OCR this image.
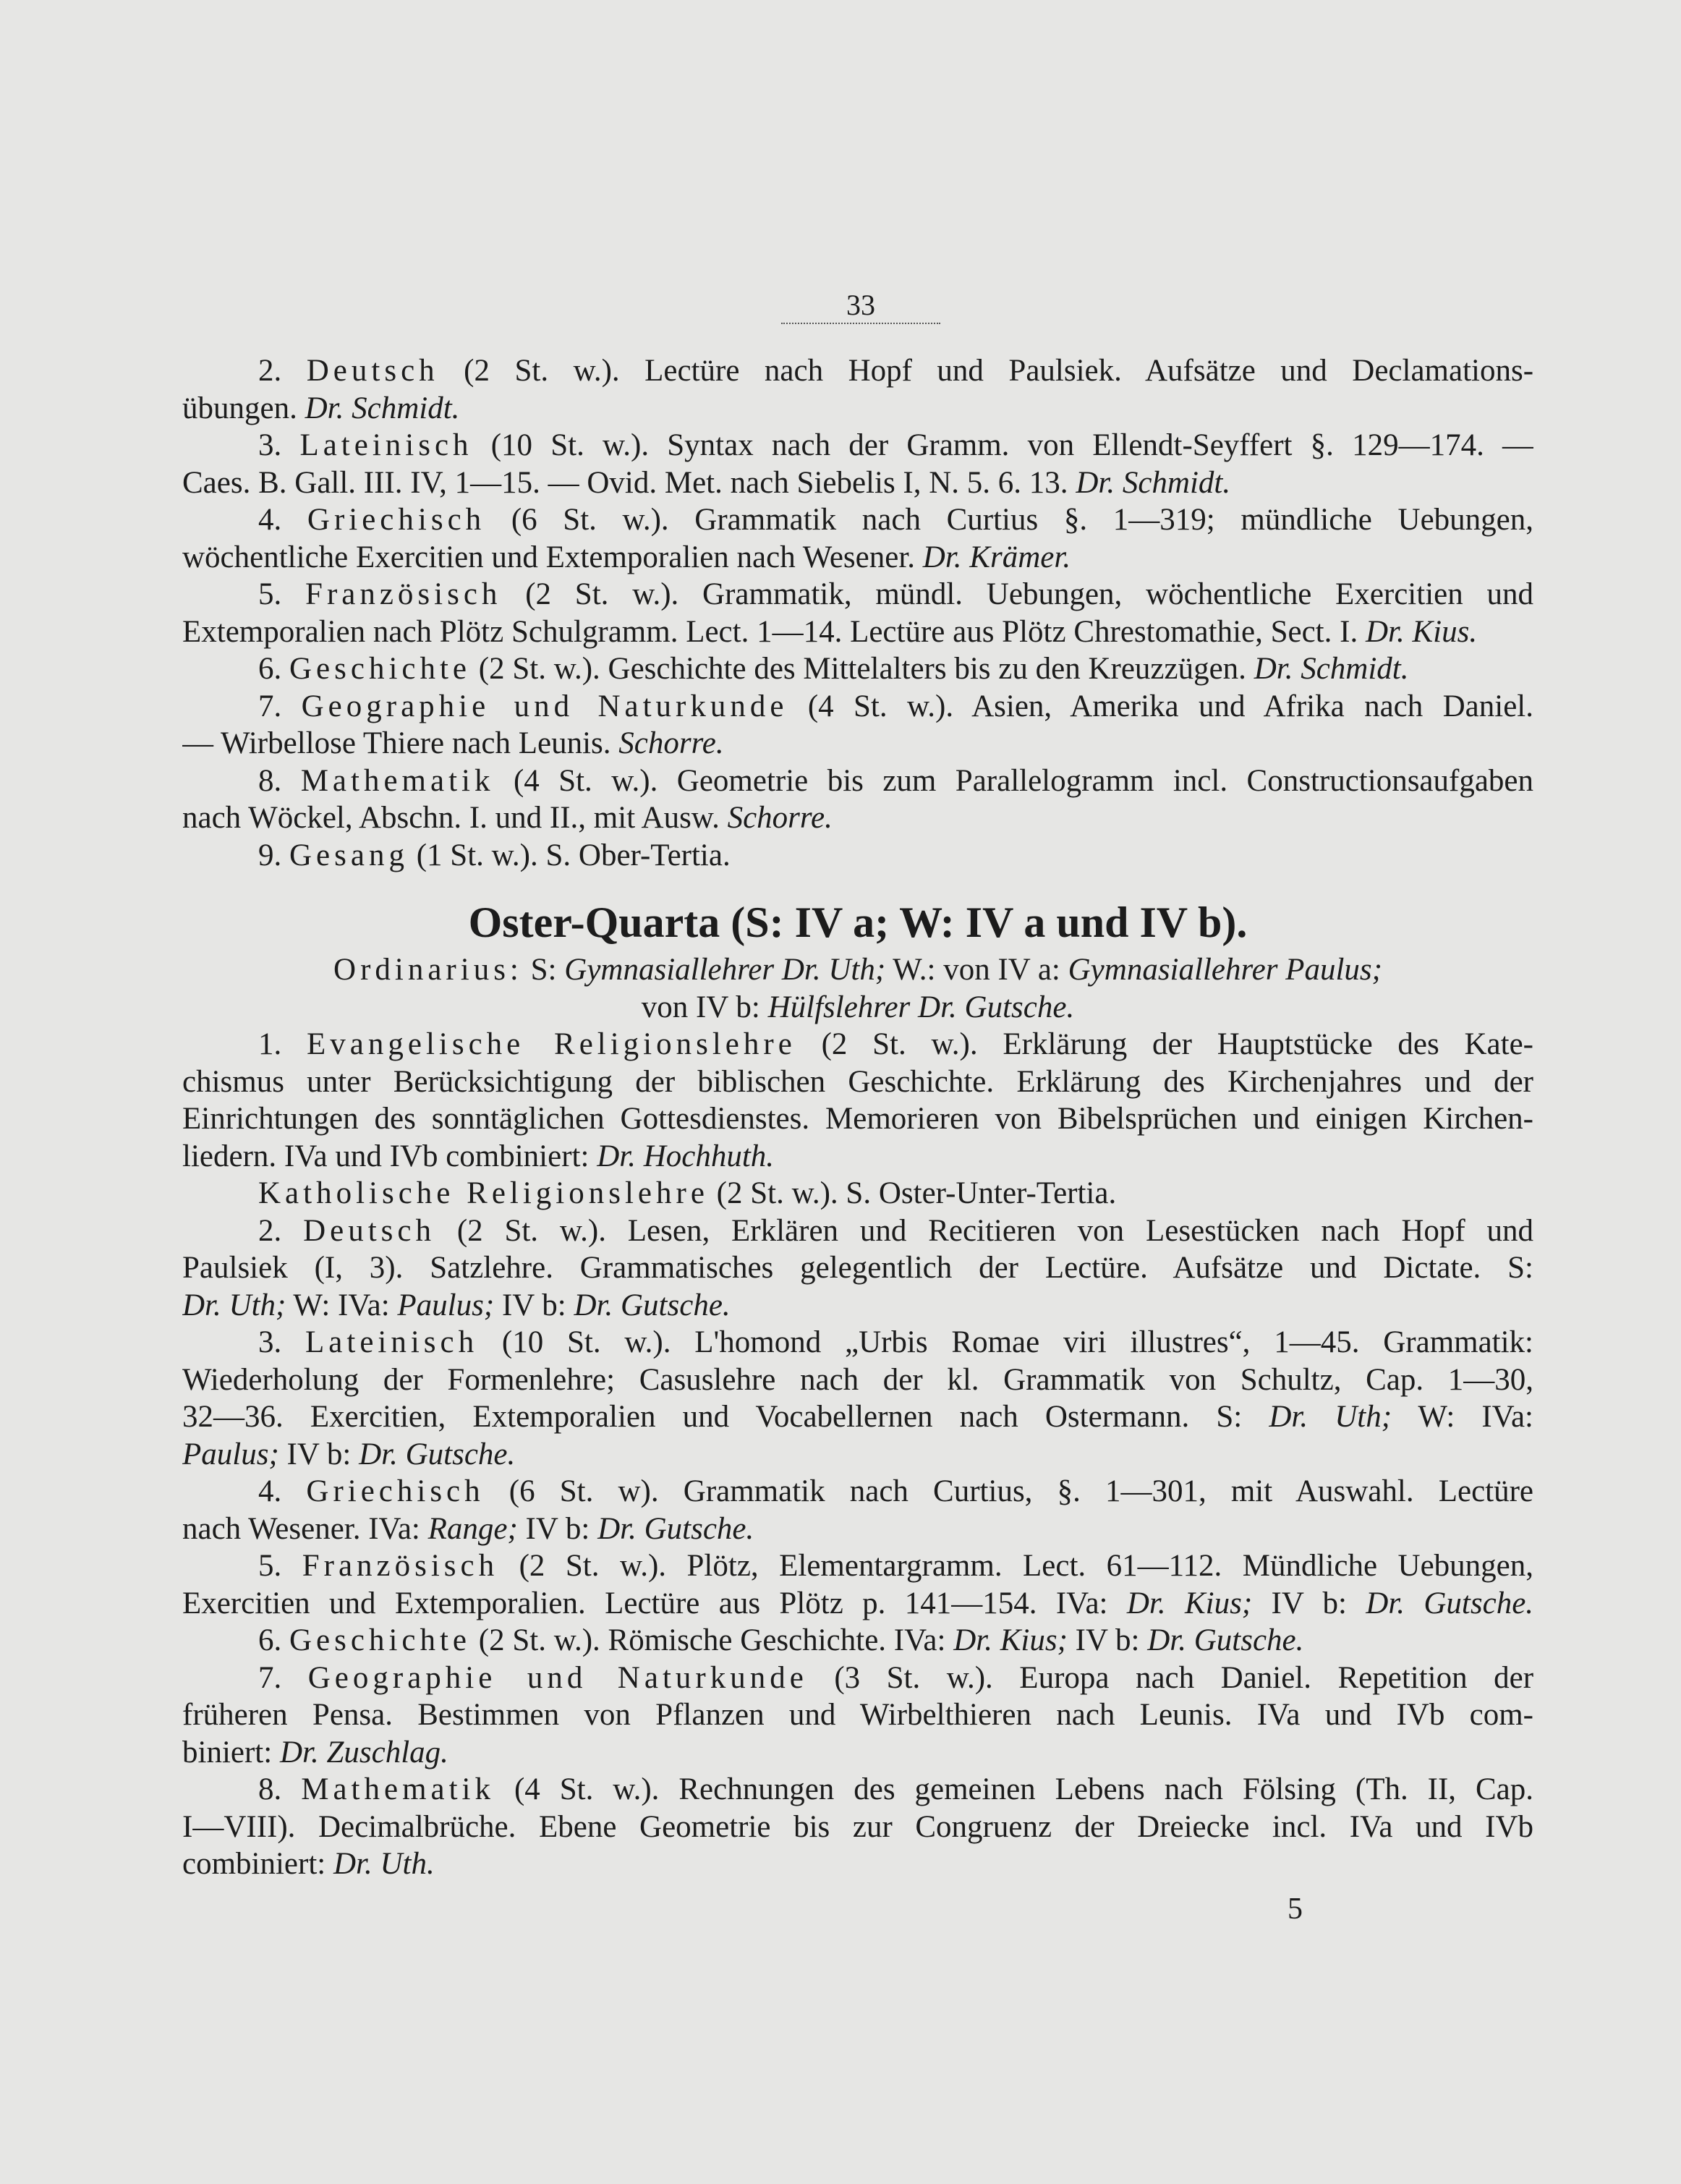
33
2. Deutsch (2 St. w.). Lectüre nach Hopf und Paulsiek. Aufsätze und Declamations-
übungen. Dr. Schmidt.
3. Lateinisch (10 St. w.). Syntax nach der Gramm. von Ellendt-Seyffert §. 129—174. —
Caes. B. Gall. III. IV, 1—15. — Ovid. Met. nach Siebelis I, N. 5. 6. 13. Dr. Schmidt.
4. Griechisch (6 St. w.). Grammatik nach Curtius §. 1—319; mündliche Uebungen,
wöchentliche Exercitien und Extemporalien nach Wesener. Dr. Krämer.
5. Französisch (2 St. w.). Grammatik, mündl. Uebungen, wöchentliche Exercitien und
Extemporalien nach Plötz Schulgramm. Lect. 1—14. Lectüre aus Plötz Chrestomathie, Sect. I. Dr. Kius.
6. Geschichte (2 St. w.). Geschichte des Mittelalters bis zu den Kreuzzügen. Dr. Schmidt.
7. Geographie und Naturkunde (4 St. w.). Asien, Amerika und Afrika nach Daniel.
— Wirbellose Thiere nach Leunis. Schorre.
8. Mathematik (4 St. w.). Geometrie bis zum Parallelogramm incl. Constructionsaufgaben
nach Wöckel, Abschn. I. und II., mit Ausw. Schorre.
9. Gesang (1 St. w.). S. Ober-Tertia.
Oster-Quarta (S: IV a; W: IV a und IV b).
Ordinarius: S: Gymnasiallehrer Dr. Uth; W.: von IV a: Gymnasiallehrer Paulus;
von IV b: Hülfslehrer Dr. Gutsche.
1. Evangelische Religionslehre (2 St. w.). Erklärung der Hauptstücke des Kate-
chismus unter Berücksichtigung der biblischen Geschichte. Erklärung des Kirchenjahres und der
Einrichtungen des sonntäglichen Gottesdienstes. Memorieren von Bibelsprüchen und einigen Kirchen-
liedern. IVa und IVb combiniert: Dr. Hochhuth.
Katholische Religionslehre (2 St. w.). S. Oster-Unter-Tertia.
2. Deutsch (2 St. w.). Lesen, Erklären und Recitieren von Lesestücken nach Hopf und
Paulsiek (I, 3). Satzlehre. Grammatisches gelegentlich der Lectüre. Aufsätze und Dictate. S:
Dr. Uth; W: IVa: Paulus; IV b: Dr. Gutsche.
3. Lateinisch (10 St. w.). L'homond „Urbis Romae viri illustres“, 1—45. Grammatik:
Wiederholung der Formenlehre; Casuslehre nach der kl. Grammatik von Schultz, Cap. 1—30,
32—36. Exercitien, Extemporalien und Vocabellernen nach Ostermann. S: Dr. Uth; W: IVa:
Paulus; IV b: Dr. Gutsche.
4. Griechisch (6 St. w). Grammatik nach Curtius, §. 1—301, mit Auswahl. Lectüre
nach Wesener. IVa: Range; IV b: Dr. Gutsche.
5. Französisch (2 St. w.). Plötz, Elementargramm. Lect. 61—112. Mündliche Uebungen,
Exercitien und Extemporalien. Lectüre aus Plötz p. 141—154. IVa: Dr. Kius; IV b: Dr. Gutsche.
6. Geschichte (2 St. w.). Römische Geschichte. IVa: Dr. Kius; IV b: Dr. Gutsche.
7. Geographie und Naturkunde (3 St. w.). Europa nach Daniel. Repetition der
früheren Pensa. Bestimmen von Pflanzen und Wirbelthieren nach Leunis. IVa und IVb com-
biniert: Dr. Zuschlag.
8. Mathematik (4 St. w.). Rechnungen des gemeinen Lebens nach Fölsing (Th. II, Cap.
I—VIII). Decimalbrüche. Ebene Geometrie bis zur Congruenz der Dreiecke incl. IVa und IVb
combiniert: Dr. Uth.
5
